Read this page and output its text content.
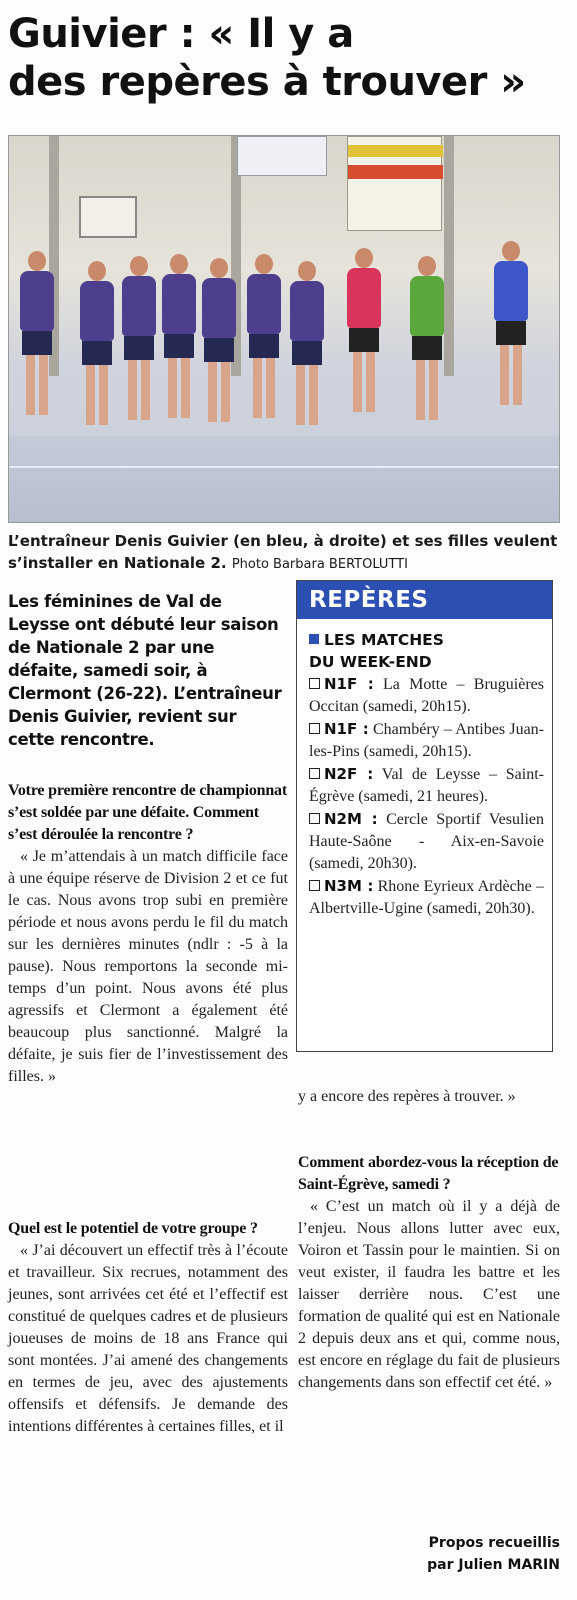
Guivier : « Il y a
des repères à trouver »
L’entraîneur Denis Guivier (en bleu, à droite) et ses filles veulent s’installer en Nationale 2. Photo Barbara BERTOLUTTI
Les féminines de Val de Leysse ont débuté leur saison de Nationale 2 par une défaite, samedi soir, à Clermont (26-22). L’entraîneur Denis Guivier, revient sur cette rencontre.
Votre première rencontre de championnat s’est soldée par une défaite. Comment s’est déroulée la rencontre ?

« Je m’attendais à un match difficile face à une équipe réserve de Division 2 et ce fut le cas. Nous avons trop subi en première période et nous avons perdu le fil du match sur les dernières minutes (ndlr : -5 à la pause). Nous remportons la seconde mi-temps d’un point. Nous avons été plus agressifs et Clermont a également été beaucoup plus sanctionné. Malgré la défaite, je suis fier de l’investissement des filles. »

Quel est le potentiel de votre groupe ?

« J’ai découvert un effectif très à l’écoute et travailleur. Six recrues, notamment des jeunes, sont arrivées cet été et l’effectif est constitué de quelques cadres et de plusieurs joueuses de moins de 18 ans France qui sont montées. J’ai amené des changements en termes de jeu, avec des ajustements offensifs et défensifs. Je demande des intentions différentes à certaines filles, et il

REPÈRES
LES MATCHES
DU WEEK-END
N1F : La Motte – Bruguières Occitan (samedi, 20h15).
N1F : Chambéry – Antibes Juan-les-Pins (samedi, 20h15).
N2F : Val de Leysse – Saint-Égrève (samedi, 21 heures).
N2M : Cercle Sportif Vesulien Haute-Saône - Aix-en-Savoie (samedi, 20h30).
N3M : Rhone Eyrieux Ardèche – Albertville-Ugine (samedi, 20h30).

y a encore des repères à trouver. »

Comment abordez-vous la réception de Saint-Égrève, samedi ?

« C’est un match où il y a déjà de l’enjeu. Nous allons lutter avec eux, Voiron et Tassin pour le maintien. Si on veut exister, il faudra les battre et les laisser derrière nous. C’est une formation de qualité qui est en Nationale 2 depuis deux ans et qui, comme nous, est encore en réglage du fait de plusieurs changements dans son effectif cet été. »

Propos recueillis
par Julien MARIN
